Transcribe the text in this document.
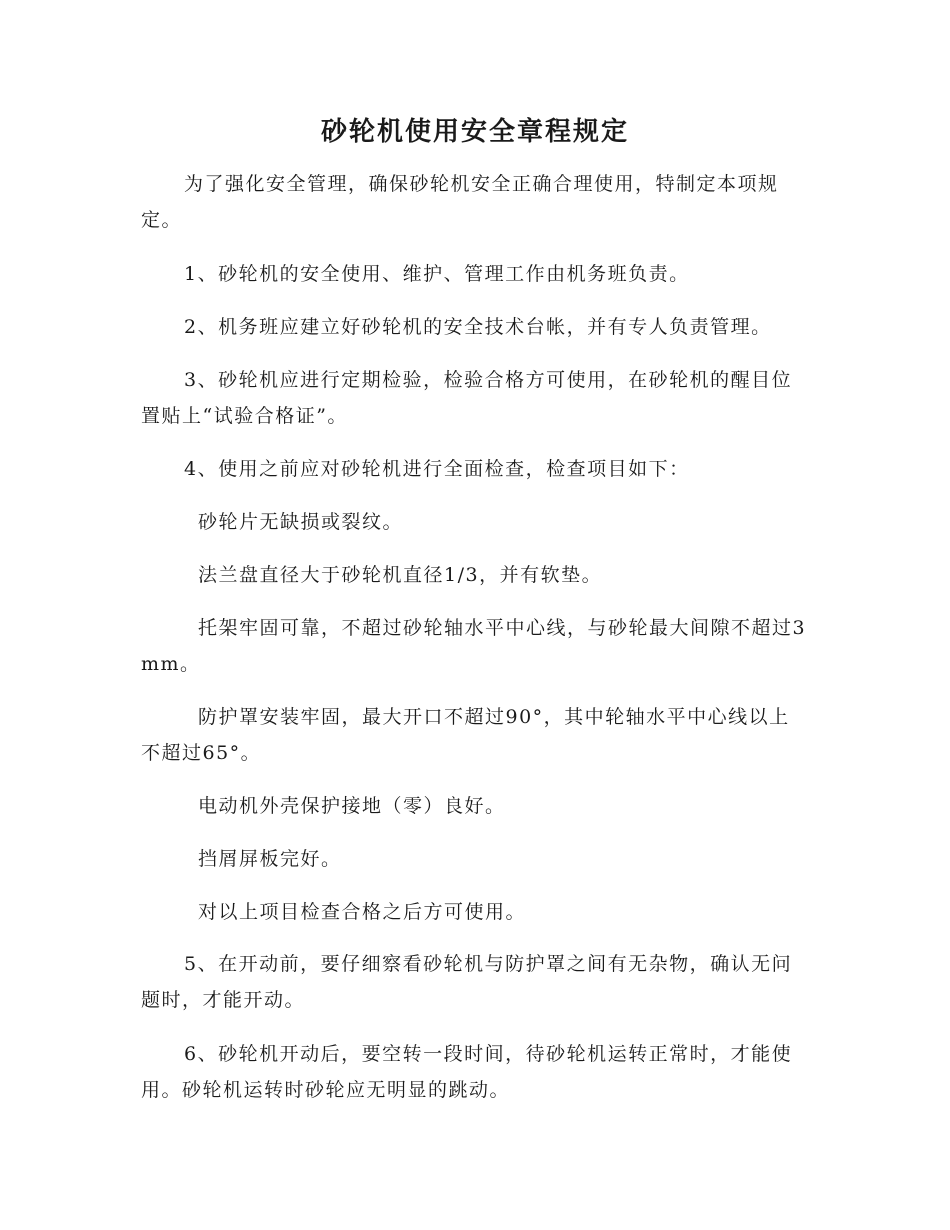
砂轮机使用安全章程规定

为了强化安全管理，确保砂轮机安全正确合理使用，特制定本项规定。

1、砂轮机的安全使用、维护、管理工作由机务班负责。

2、机务班应建立好砂轮机的安全技术台帐，并有专人负责管理。

3、砂轮机应进行定期检验，检验合格方可使用，在砂轮机的醒目位置贴上“试验合格证”。

4、使用之前应对砂轮机进行全面检查，检查项目如下：

砂轮片无缺损或裂纹。

法兰盘直径大于砂轮机直径1/3，并有软垫。

托架牢固可靠，不超过砂轮轴水平中心线，与砂轮最大间隙不超过3mm。

防护罩安装牢固，最大开口不超过90°，其中轮轴水平中心线以上不超过65°。

电动机外壳保护接地（零）良好。

挡屑屏板完好。

对以上项目检查合格之后方可使用。

5、在开动前，要仔细察看砂轮机与防护罩之间有无杂物，确认无问题时，才能开动。

6、砂轮机开动后，要空转一段时间，待砂轮机运转正常时，才能使用。砂轮机运转时砂轮应无明显的跳动。
